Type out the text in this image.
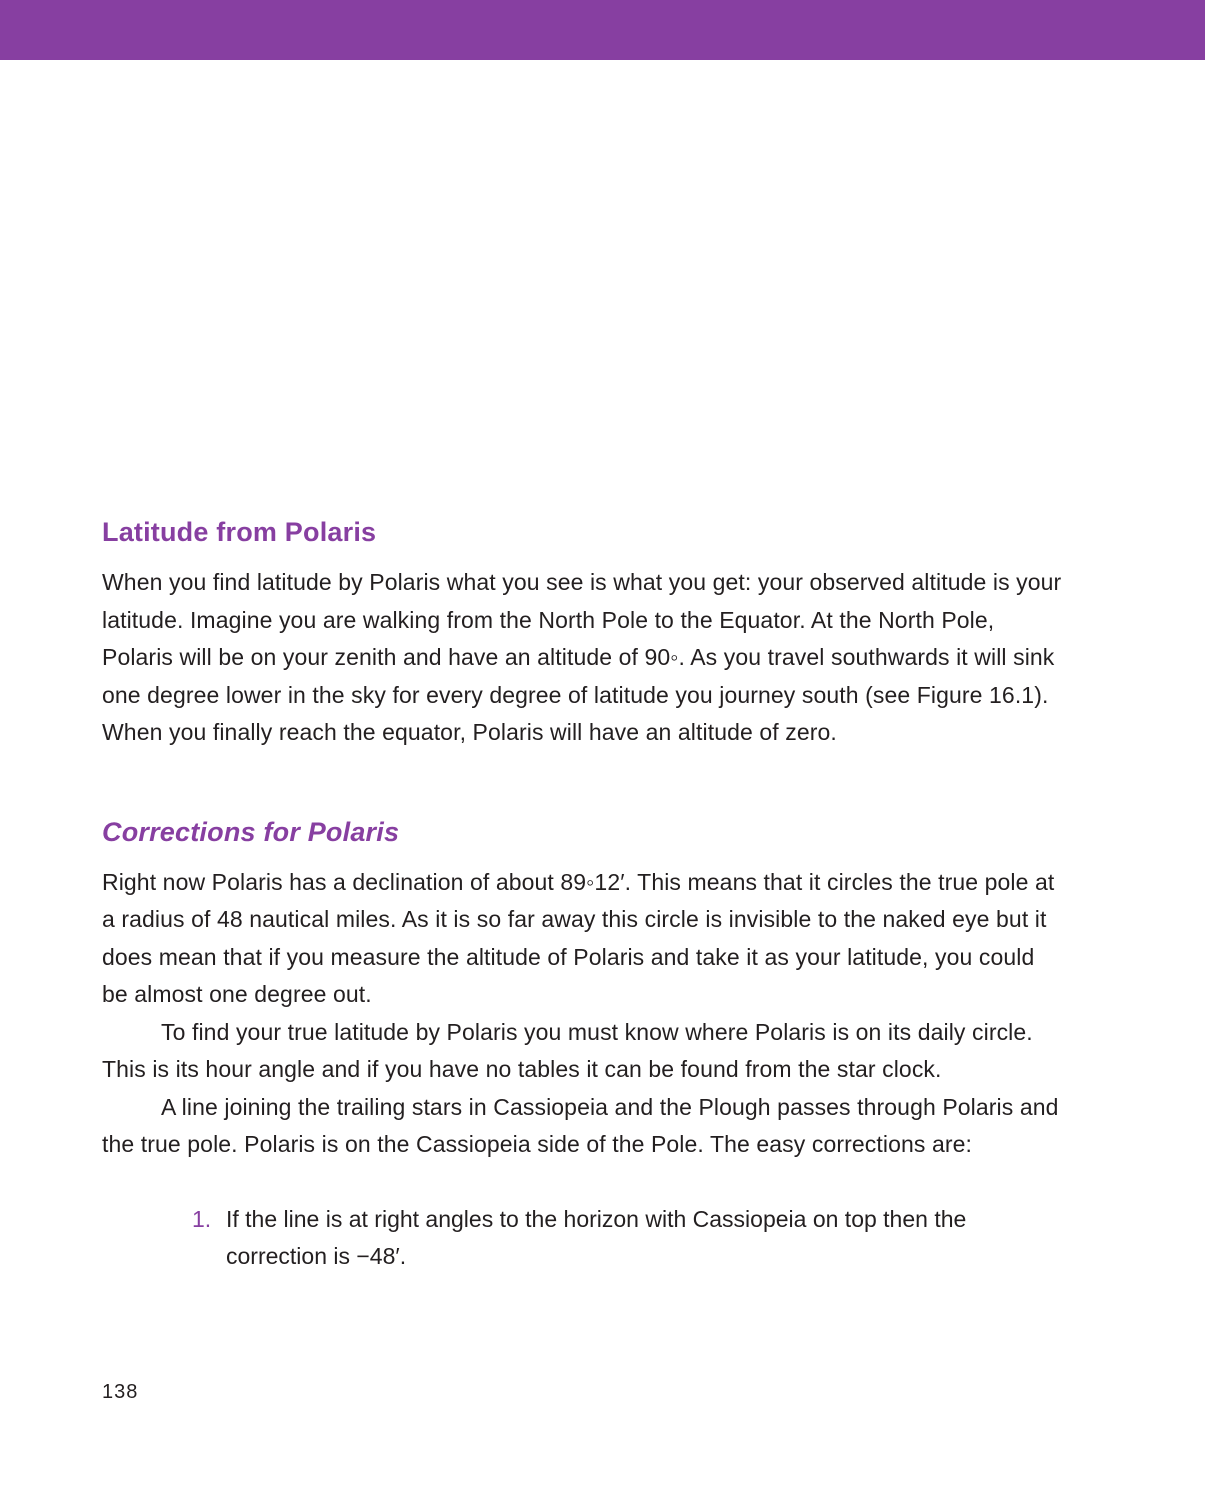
Latitude from Polaris

When you find latitude by Polaris what you see is what you get: your observed altitude is your latitude. Imagine you are walking from the North Pole to the Equator. At the North Pole, Polaris will be on your zenith and have an altitude of 90◦. As you travel southwards it will sink one degree lower in the sky for every degree of latitude you journey south (see Figure 16.1). When you finally reach the equator, Polaris will have an altitude of zero.

Corrections for Polaris

Right now Polaris has a declination of about 89◦12′. This means that it circles the true pole at a radius of 48 nautical miles. As it is so far away this circle is invisible to the naked eye but it does mean that if you measure the altitude of Polaris and take it as your latitude, you could be almost one degree out.

To find your true latitude by Polaris you must know where Polaris is on its daily circle. This is its hour angle and if you have no tables it can be found from the star clock.

A line joining the trailing stars in Cassiopeia and the Plough passes through Polaris and the true pole. Polaris is on the Cassiopeia side of the Pole. The easy corrections are:

1. If the line is at right angles to the horizon with Cassiopeia on top then the correction is −48′.
138
